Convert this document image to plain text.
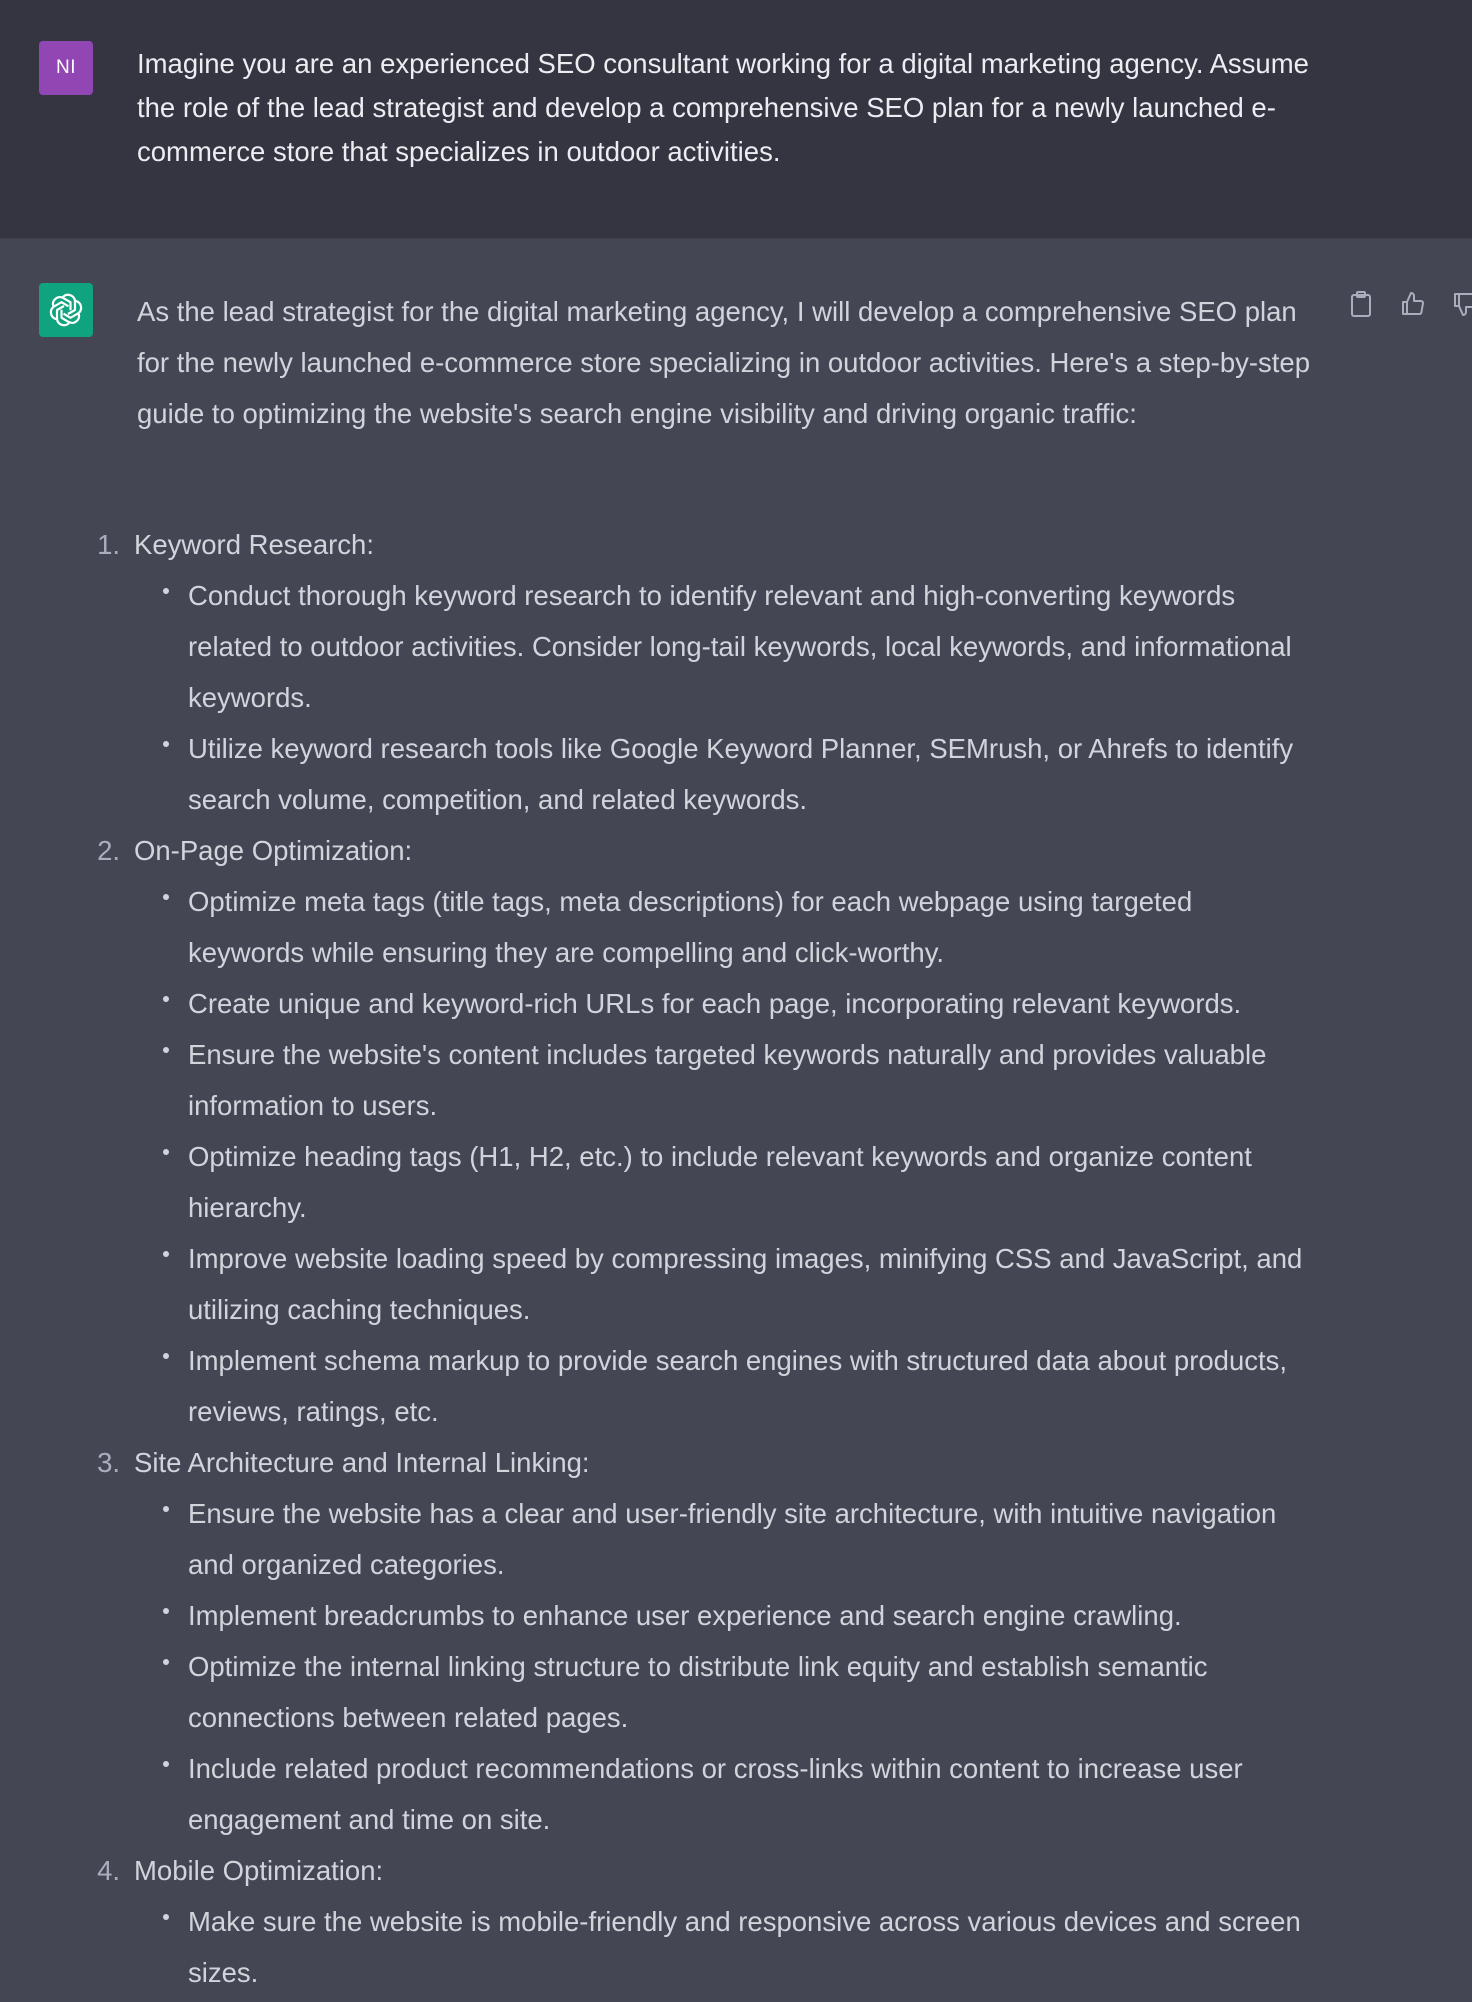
NI	Imagine you are an experienced SEO consultant working for a digital marketing agency. Assume the role of the lead strategist and develop a comprehensive SEO plan for a newly launched e-commerce store that specializes in outdoor activities.
As the lead strategist for the digital marketing agency, I will develop a comprehensive SEO plan for the newly launched e-commerce store specializing in outdoor activities. Here's a step-by-step guide to optimizing the website's search engine visibility and driving organic traffic:
1. Keyword Research:
Conduct thorough keyword research to identify relevant and high-converting keywords related to outdoor activities. Consider long-tail keywords, local keywords, and informational keywords.
Utilize keyword research tools like Google Keyword Planner, SEMrush, or Ahrefs to identify search volume, competition, and related keywords.
2. On-Page Optimization:
Optimize meta tags (title tags, meta descriptions) for each webpage using targeted keywords while ensuring they are compelling and click-worthy.
Create unique and keyword-rich URLs for each page, incorporating relevant keywords.
Ensure the website's content includes targeted keywords naturally and provides valuable information to users.
Optimize heading tags (H1, H2, etc.) to include relevant keywords and organize content hierarchy.
Improve website loading speed by compressing images, minifying CSS and JavaScript, and utilizing caching techniques.
Implement schema markup to provide search engines with structured data about products, reviews, ratings, etc.
3. Site Architecture and Internal Linking:
Ensure the website has a clear and user-friendly site architecture, with intuitive navigation and organized categories.
Implement breadcrumbs to enhance user experience and search engine crawling.
Optimize the internal linking structure to distribute link equity and establish semantic connections between related pages.
Include related product recommendations or cross-links within content to increase user engagement and time on site.
4. Mobile Optimization:
Make sure the website is mobile-friendly and responsive across various devices and screen sizes.
